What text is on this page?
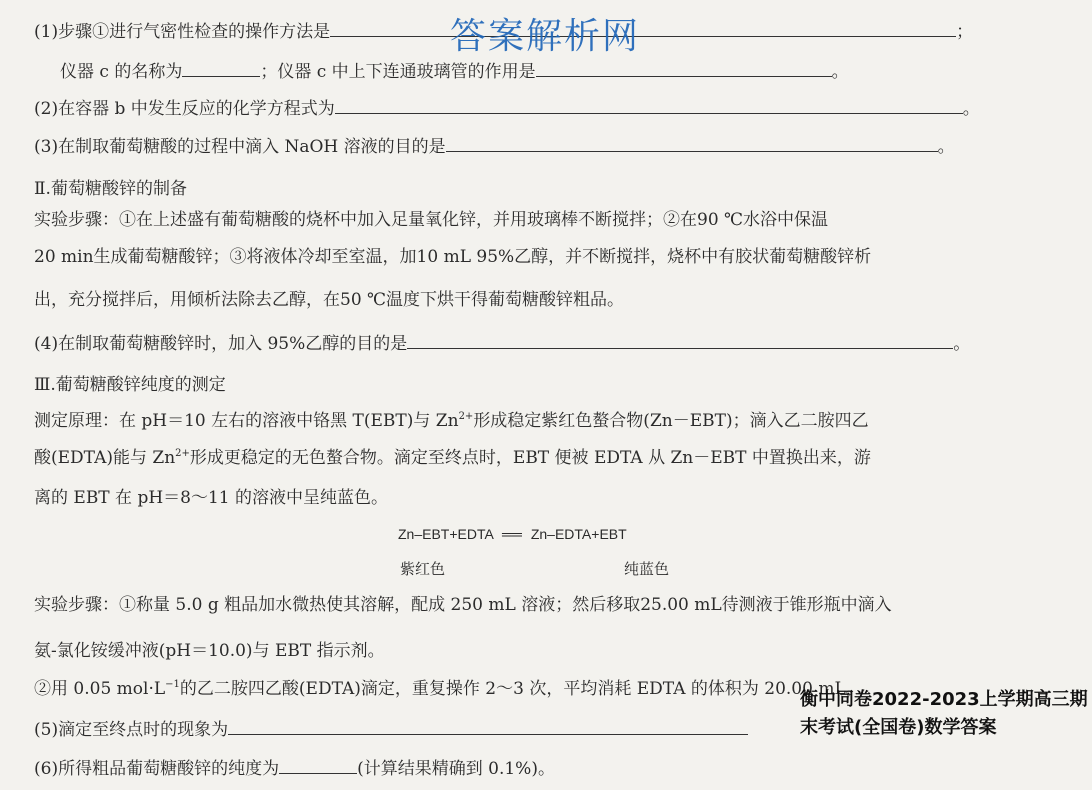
(1)步骤①进行气密性检查的操作方法是	；
答案解析网
仪器 c 的名称为	；仪器 c 中上下连通玻璃管的作用是	。
(2)在容器 b 中发生反应的化学方程式为	。
(3)在制取葡萄糖酸的过程中滴入 NaOH 溶液的目的是	。
Ⅱ.葡萄糖酸锌的制备
实验步骤：①在上述盛有葡萄糖酸的烧杯中加入足量氧化锌，并用玻璃棒不断搅拌；②在90 ℃水浴中保温
20 min生成葡萄糖酸锌；③将液体冷却至室温，加10 mL 95%乙醇，并不断搅拌，烧杯中有胶状葡萄糖酸锌析
出，充分搅拌后，用倾析法除去乙醇，在50 ℃温度下烘干得葡萄糖酸锌粗品。
(4)在制取葡萄糖酸锌时，加入 95%乙醇的目的是	。
Ⅲ.葡萄糖酸锌纯度的测定
测定原理：在 pH＝10 左右的溶液中铬黑 T(EBT)与 $Zn^{2+}$形成稳定紫红色螯合物(Zn－EBT)；滴入乙二胺四乙
酸(EDTA)能与 $Zn^{2+}$形成更稳定的无色螯合物。滴定至终点时，EBT 便被 EDTA 从 Zn－EBT 中置换出来，游
离的 EBT 在 pH＝8～11 的溶液中呈纯蓝色。
Zn–EBT+EDTA ══ Zn–EDTA+EBT
紫红色	纯蓝色
实验步骤：①称量 5.0 g 粗品加水微热使其溶解，配成 250 mL 溶液；然后移取25.00 mL待测液于锥形瓶中滴入
氨-氯化铵缓冲液(pH＝10.0)与 EBT 指示剂。
②用 0.05 $mol\cdot L^{-1}$的乙二胺四乙酸(EDTA)滴定，重复操作 2～3 次，平均消耗 EDTA 的体积为 20.00 mL。
(5)滴定至终点时的现象为
(6)所得粗品葡萄糖酸锌的纯度为	(计算结果精确到 0.1%)。
衡中同卷2022-2023上学期高三期末考试(全国卷)数学答案
